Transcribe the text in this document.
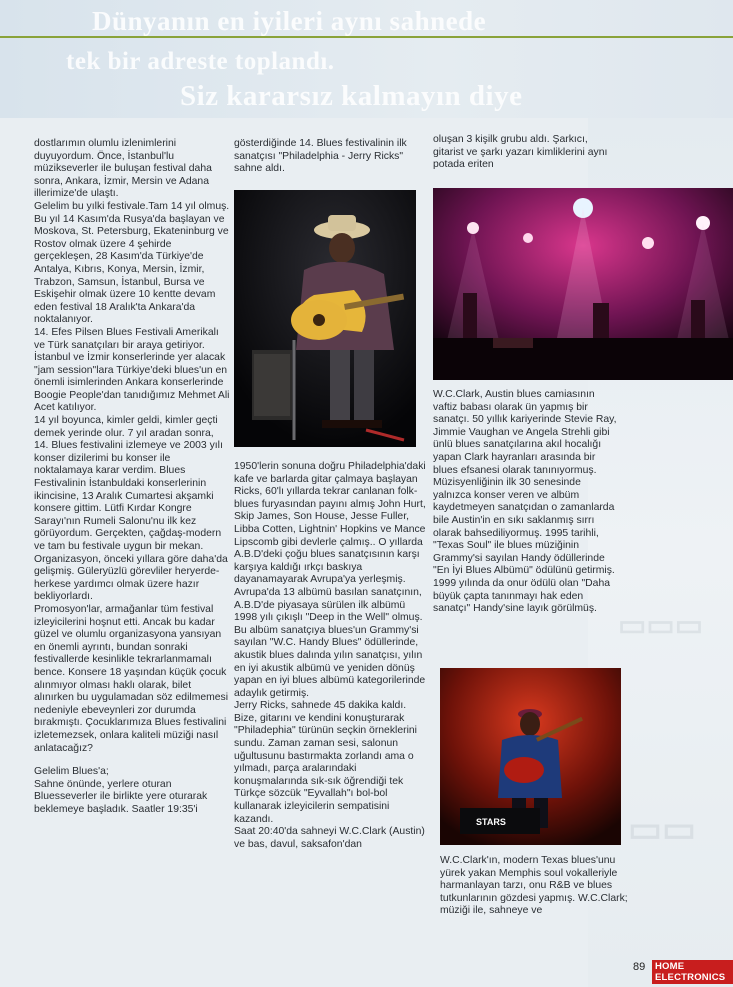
Dünyanın en iyileri aynı sahnede
tek bir adreste toplandı.
Siz kararsız kalmayın diye
▭▭▭
▭▭

dostlarımın olumlu izlenimlerini duyuyordum. Önce, İstanbul'lu müzikseverler ile buluşan festival daha sonra, Ankara, İzmir, Mersin ve Adana illerimize'de ulaştı.

Gelelim bu yılki festivale.Tam 14 yıl olmuş. Bu yıl 14 Kasım'da Rusya'da başlayan ve Moskova, St. Petersburg, Ekateninburg ve Rostov olmak üzere 4 şehirde gerçekleşen, 28 Kasım'da Türkiye'de Antalya, Kıbrıs, Konya, Mersin, İzmir, Trabzon, Samsun, İstanbul, Bursa ve Eskişehir olmak üzere 10 kentte devam eden festival 18 Aralık'ta Ankara'da noktalanıyor.

14. Efes Pilsen Blues Festivali Amerikalı ve Türk sanatçıları bir araya getiriyor. İstanbul ve İzmir konserlerinde yer alacak "jam session"lara Türkiye'deki blues'un en önemli isimlerinden Ankara konserlerinde Boogie People'dan tanıdığımız Mehmet Ali Acet katılıyor.

14 yıl boyunca, kimler geldi, kimler geçti demek yerinde olur. 7 yıl aradan sonra, 14. Blues festivalini izlemeye ve 2003 yılı konser dizilerimi bu konser ile noktalamaya karar verdim. Blues Festivalinin İstanbuldaki konserlerinin ikincisine, 13 Aralık Cumartesi akşamki konsere gittim. Lütfi Kırdar Kongre Sarayı'nın Rumeli Salonu'nu ilk kez görüyordum. Gerçekten, çağdaş-modern ve tam bu festivale uygun bir mekan. Organizasyon, önceki yıllara göre daha'da gelişmiş. Güleryüzlü görevliler heryerde-herkese yardımcı olmak üzere hazır bekliyorlardı.

Promosyon'lar, armağanlar tüm festival izleyicilerini hoşnut etti. Ancak bu kadar güzel ve olumlu organizasyona yansıyan en önemli ayrıntı, bundan sonraki festivallerde kesinlikle tekrarlanmamalı bence. Konsere 18 yaşından küçük çocuk alınmıyor olması haklı olarak, bilet alınırken bu uygulamadan söz edilmemesi nedeniyle ebeveynleri zor durumda bırakmıştı. Çocuklarımıza Blues festivalini izletemezsek, onlara kaliteli müziği nasıl anlatacağız?

Gelelim Blues'a;

Sahne önünde, yerlere oturan Bluesseverler ile birlikte yere oturarak beklemeye başladık. Saatler 19:35'i

gösterdiğinde 14. Blues festivalinin ilk sanatçısı "Philadelphia - Jerry Ricks" sahne aldı.

1950'lerin sonuna doğru Philadelphia'daki kafe ve barlarda gitar çalmaya başlayan Ricks, 60'lı yıllarda tekrar canlanan folk-blues furyasından payını almış John Hurt, Skip James, Son House, Jesse Fuller, Libba Cotten, Lightnin' Hopkins ve Mance Lipscomb gibi devlerle çalmış.. O yıllarda A.B.D'deki çoğu blues sanatçısının karşı karşıya kaldığı ırkçı baskıya dayanamayarak Avrupa'ya yerleşmiş. Avrupa'da 13 albümü basılan sanatçının, A.B.D'de piyasaya sürülen ilk albümü 1998 yılı çıkışlı "Deep in the Well" olmuş. Bu albüm sanatçıya blues'un Grammy'si sayılan "W.C. Handy Blues" ödüllerinde, akustik blues dalında yılın sanatçısı, yılın en iyi akustik albümü ve yeniden dönüş yapan en iyi blues albümü kategorilerinde adaylık getirmiş.

Jerry Ricks, sahnede 45 dakika kaldı. Bize, gitarını ve kendini konuşturarak "Philadephia" türünün seçkin örneklerini sundu. Zaman zaman sesi, salonun uğultusunu bastırmakta zorlandı ama o yılmadı, parça aralarındaki konuşmalarında sık-sık öğrendiği tek Türkçe sözcük "Eyvallah"ı bol-bol kullanarak izleyicilerin sempatisini kazandı.

Saat 20:40'da sahneyi W.C.Clark (Austin) ve bas, davul, saksafon'dan

oluşan 3 kişilk grubu aldı. Şarkıcı, gitarist ve şarkı yazarı kimliklerini aynı potada eriten

W.C.Clark, Austin blues camiasının vaftiz babası olarak ün yapmış bir sanatçı. 50 yıllık kariyerinde Stevie Ray, Jimmie Vaughan ve Angela Strehli gibi ünlü blues sanatçılarına akıl hocalığı yapan Clark hayranları arasında bir blues efsanesi olarak tanınıyormuş. Müzisyenliğinin ilk 30 senesinde yalnızca konser veren ve albüm kaydetmeyen sanatçıdan o zamanlarda bile Austin'in en sıkı saklanmış sırrı olarak bahsediliyormuş. 1995 tarihli, "Texas Soul" ile blues müziğinin Grammy'si sayılan Handy ödüllerinde "En İyi Blues Albümü" ödülünü getirmiş. 1999 yılında da onur ödülü olan "Daha büyük çapta tanınmayı hak eden sanatçı" Handy'sine layık görülmüş.

STARS

W.C.Clark'ın, modern Texas blues'unu yürek yakan Memphis soul vokalleriyle harmanlayan tarzı, onu R&B ve blues tutkunlarının gözdesi yapmış. W.C.Clark; müziği ile, sahneye ve

89	HOME ELECTRONICS
